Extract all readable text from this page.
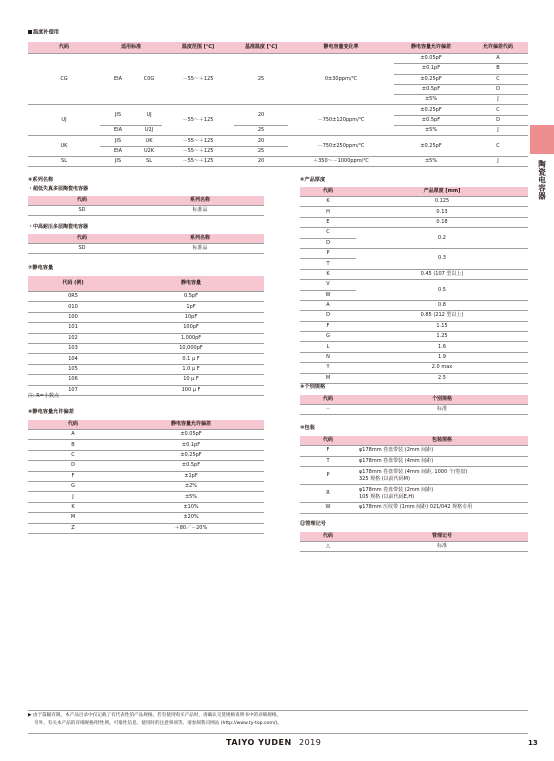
温度补偿用
代码	适用标准		温度范围 [℃]	基准温度 [℃]	静电容量变化率	静电容量允许偏差	允许偏差代码
CG	EIA	C0G	－55～＋125	25	0±30ppm/℃	±0.05pF	A
						±0.1pF	B
						±0.25pF	C
						±0.5pF	D
						±5%	J
UJ	JIS	UJ	－55～＋125	20	－750±120ppm/℃	±0.25pF	C
						±0.5pF	D
	EIA	U2J		25		±5%	J
UK	JIS	UK	－55～＋125	20	－750±250ppm/℃	±0.25pF	C
	EIA	U2K	－55～＋125	25			
SL	JIS	SL	－55～＋125	20	＋350～－1000ppm/℃	±5%	J
④系列名称
・超低失真多层陶瓷电容器
代码	系列名称
SD	标准品
・中高耐压多层陶瓷电容器
代码	系列名称
SD	标准品
⑦静电容量
代码 (例)	静电容量
0R5	0.5pF
010	1pF
100	10pF
101	100pF
102	1,000pF
103	10,000pF
104	0.1 μ F
105	1.0 μ F
106	10 μ F
107	100 μ F
注: R=小数点
⑧静电容量允许偏差
代码	静电容量允许偏差
A	±0.05pF
B	±0.1pF
C	±0.25pF
D	±0.5pF
F	±1pF
G	±2%
J	±5%
K	±10%
M	±20%
Z	＋80／－20%
⑥产品厚度
代码	产品厚度 [mm]
K	0.125
H	0.13
E	0.18
C	0.2
D	
P	0.3
T	
K	0.45 (107 型以上)
V	0.5
W	
A	0.8
D	0.85 (212 型以上)
F	1.15
G	1.25
L	1.6
N	1.9
Y	2.0 max
M	2.5
⑨个别规格
代码	个别规格
－	标准
⑩包装
代码	包装规格
F	φ178mm 卷盘带装 (2mm 间距)
T	φ178mm 卷盘带装 (4mm 间距)
P	φ178mm 卷盘带装 (4mm 间距, 1000 个/卷盘)
325 规格 (以前代码M)

R	φ178mm 卷盘带装 (2mm 间距)
105 规格 (以前代码E,H)

W	φ178mm 压纹带 (1mm 间距) 021/042 规格专用
⑪管理记号
代码	管理记号
△	标准
陶瓷电容器
▶ 由于篇幅有限，本产品目录中仅记载了有代表性的产品规格。若有使用购买产品时，请确认交货规格说明书中的详细规格。
另外，有关本产品的详细规格/特性例、可靠性信息、使用时的注意事项等，请参阅我司网站 (http://www.ty-top.com/)。
TAIYO YUDEN 2019	13
